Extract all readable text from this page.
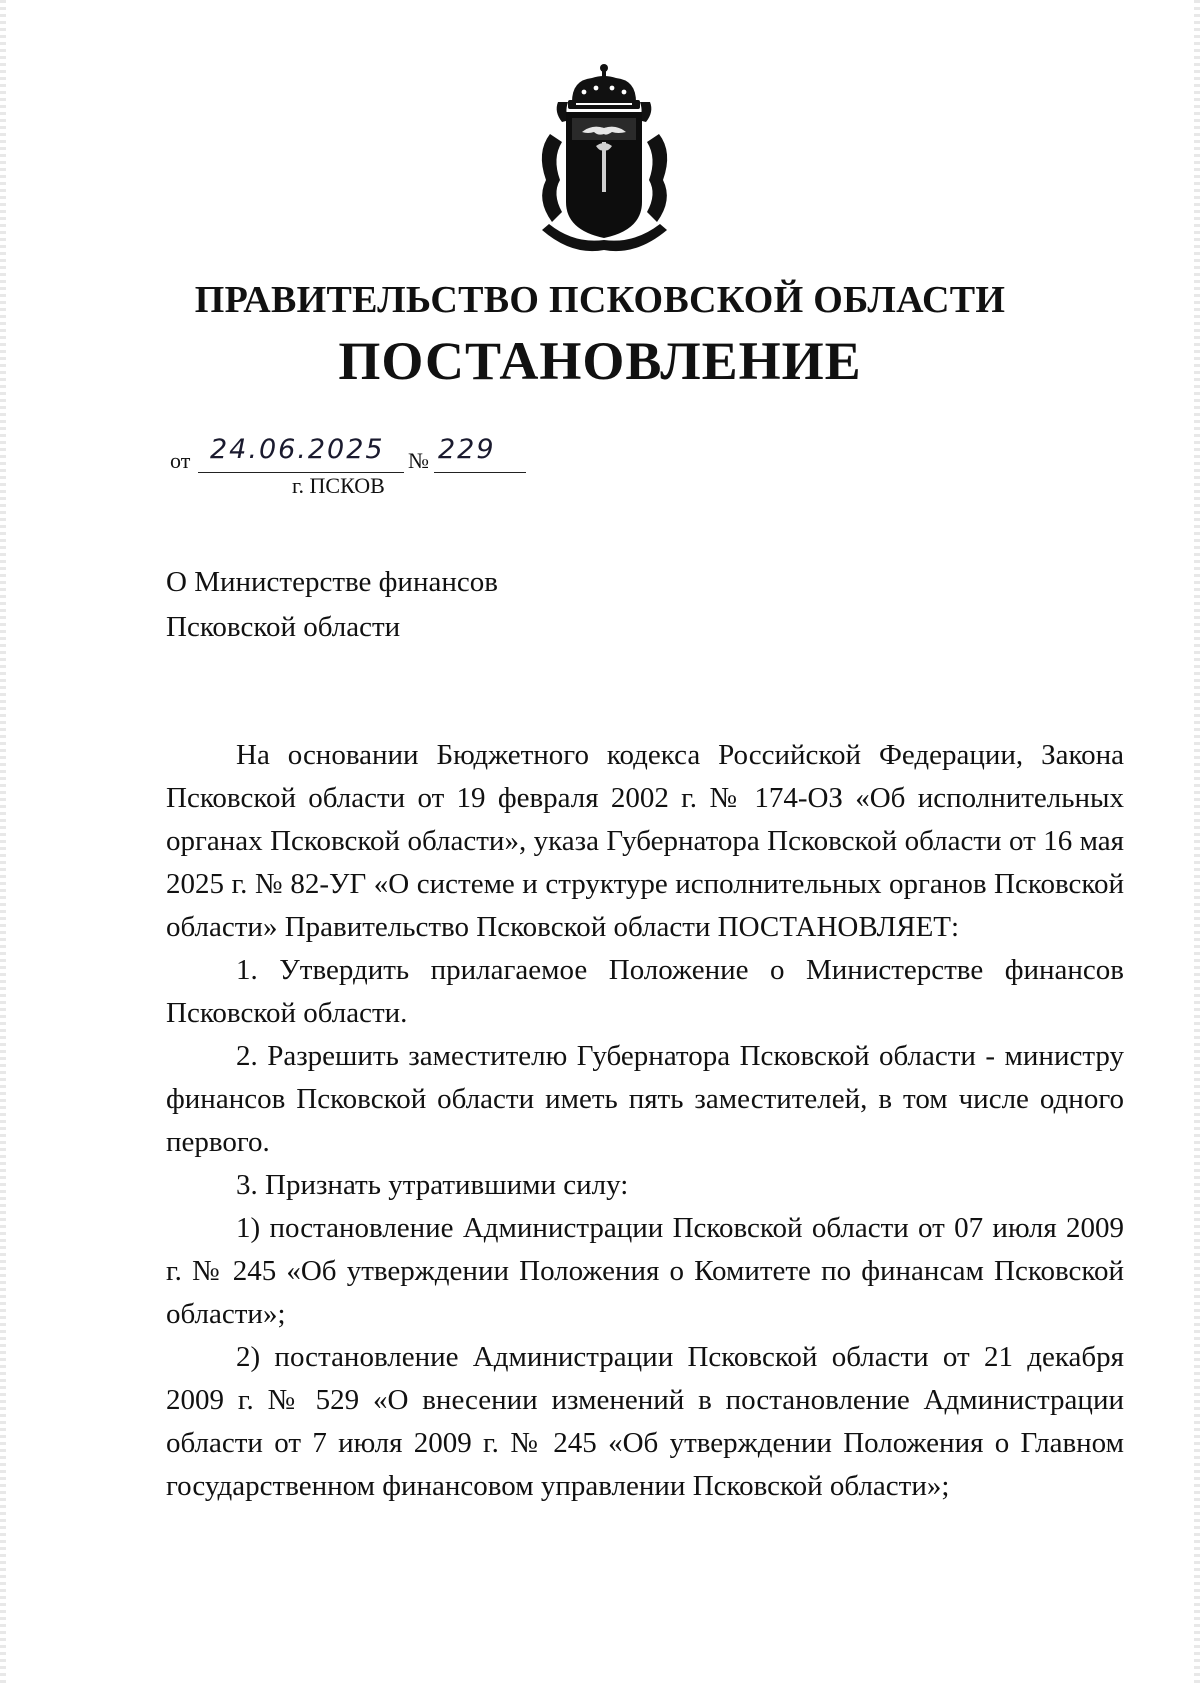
ПРАВИТЕЛЬСТВО ПСКОВСКОЙ ОБЛАСТИ
ПОСТАНОВЛЕНИЕ
от 24.06.2025 № 229
г. ПСКОВ
О Министерстве финансов
Псковской области

На основании Бюджетного кодекса Российской Федерации, Закона Псковской области от 19 февраля 2002 г. № 174-ОЗ «Об исполнительных органах Псковской области», указа Губернатора Псковской области от 16 мая 2025 г. № 82-УГ «О системе и структуре исполнительных органов Псковской области» Правительство Псковской области ПОСТАНОВЛЯЕТ:

1. Утвердить прилагаемое Положение о Министерстве финансов Псковской области.

2. Разрешить заместителю Губернатора Псковской области - министру финансов Псковской области иметь пять заместителей, в том числе одного первого.

3. Признать утратившими силу:

1) постановление Администрации Псковской области от 07 июля 2009 г. № 245 «Об утверждении Положения о Комитете по финансам Псковской области»;

2) постановление Администрации Псковской области от 21 декабря 2009 г. № 529 «О внесении изменений в постановление Администрации области от 7 июля 2009 г. № 245 «Об утверждении Положения о Главном государственном финансовом управлении Псковской области»;
